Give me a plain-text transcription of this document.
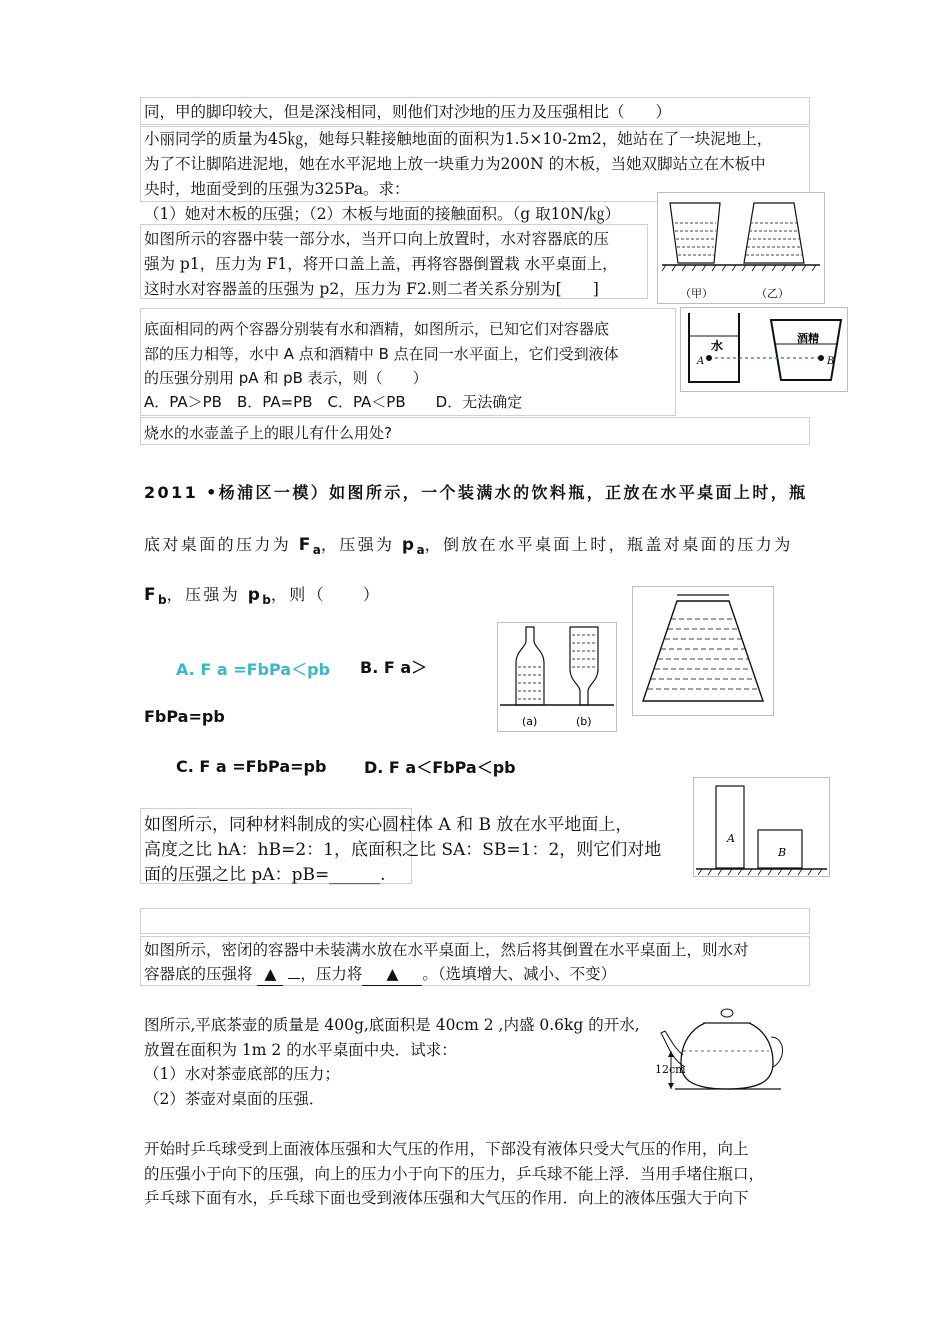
同，甲的脚印较大，但是深浅相同，则他们对沙地的压力及压强相比（　　）
小丽同学的质量为45㎏，她每只鞋接触地面的面积为1.5×10-2m2，她站在了一块泥地上，
为了不让脚陷进泥地，她在水平泥地上放一块重力为200N 的木板，当她双脚站立在木板中
央时，地面受到的压强为325Pa。求：
（1）她对木板的压强；（2）木板与地面的接触面积。（g 取10N/㎏）
如图所示的容器中装一部分水，当开口向上放置时，水对容器底的压
强为 p1，压力为 F1，将开口盖上盖，再将容器倒置栽 水平桌面上，
这时水对容器盖的压强为 p2，压力为 F2.则二者关系分别为[　　]	（甲）	（乙）
底面相同的两个容器分别装有水和酒精，如图所示，已知它们对容器底
部的压力相等，水中 A 点和酒精中 B 点在同一水平面上，它们受到液体
的压强分别用 pA 和 pB 表示，则（　　）
A．PA＞PB　B．PA=PB　C．PA＜PB　　D．无法确定
水
酒精
A	B
烧水的水壶盖子上的眼儿有什么用处?
2011 •杨浦区一模）如图所示，一个装满水的饮料瓶，正放在水平桌面上时，瓶
底对桌面的压力为 $F_a$，压强为 $p_a$，倒放在水平桌面上时，瓶盖对桌面的压力为
$F_b$，压强为 $p_b$，则（　　）
A. F a =FbPa＜pb B. F a＞
FbPa=pb
C. F a =FbPa=pb D. F a＜FbPa＜pb
(a)	(b)
如图所示，同种材料制成的实心圆柱体 A 和 B 放在水平地面上，
高度之比 hA：hB=2：1，底面积之比 SA：SB=1：2，则它们对地
面的压强之比 pA：pB=______.
A
B
如图所示，密闭的容器中未装满水放在水平桌面上，然后将其倒置在水平桌面上，则水对
容器底的压强将 ▲ ，压力将 ▲ 。（选填增大、减小、不变）
图所示,平底茶壶的质量是 400g,底面积是 40cm 2 ,内盛 0.6kg 的开水,
放置在面积为 1m 2 的水平桌面中央．试求：
（1）水对茶壶底部的压力；
（2）茶壶对桌面的压强．
12cm
开始时乒乓球受到上面液体压强和大气压的作用，下部没有液体只受大气压的作用，向上
的压强小于向下的压强，向上的压力小于向下的压力，乒乓球不能上浮．当用手堵住瓶口，
乒乓球下面有水，乒乓球下面也受到液体压强和大气压的作用．向上的液体压强大于向下
